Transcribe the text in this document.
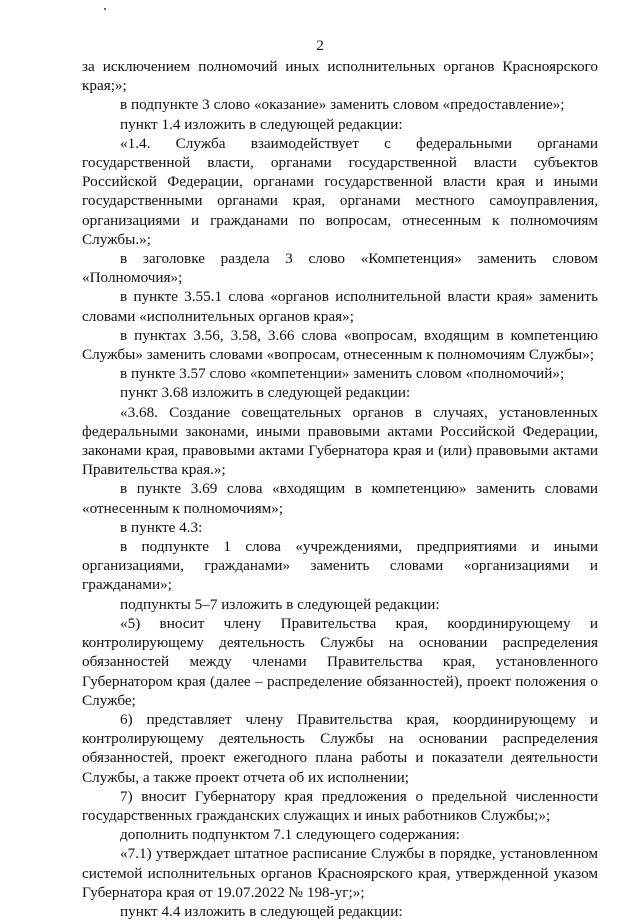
2

за исключением полномочий иных исполнительных органов Красноярского края;»;

в подпункте 3 слово «оказание» заменить словом «предоставление»;

пункт 1.4 изложить в следующей редакции:

«1.4. Служба взаимодействует с федеральными органами государственной власти, органами государственной власти субъектов Российской Федерации, органами государственной власти края и иными государственными органами края, органами местного самоуправления, организациями и гражданами по вопросам, отнесенным к полномочиям Службы.»;

в заголовке раздела 3 слово «Компетенция» заменить словом «Полномочия»;

в пункте 3.55.1 слова «органов исполнительной власти края» заменить словами «исполнительных органов края»;

в пунктах 3.56, 3.58, 3.66 слова «вопросам, входящим в компетенцию Службы» заменить словами «вопросам, отнесенным к полномочиям Службы»;

в пункте 3.57 слово «компетенции» заменить словом «полномочий»;

пункт 3.68 изложить в следующей редакции:

«3.68. Создание совещательных органов в случаях, установленных федеральными законами, иными правовыми актами Российской Федерации, законами края, правовыми актами Губернатора края и (или) правовыми актами Правительства края.»;

в пункте 3.69 слова «входящим в компетенцию» заменить словами «отнесенным к полномочиям»;

в пункте 4.3:

в подпункте 1 слова «учреждениями, предприятиями и иными организациями, гражданами» заменить словами «организациями и гражданами»;

подпункты 5–7 изложить в следующей редакции:

«5) вносит члену Правительства края, координирующему и контролирующему деятельность Службы на основании распределения обязанностей между членами Правительства края, установленного Губернатором края (далее – распределение обязанностей), проект положения о Службе;

6) представляет члену Правительства края, координирующему и контролирующему деятельность Службы на основании распределения обязанностей, проект ежегодного плана работы и показатели деятельности Службы, а также проект отчета об их исполнении;

7) вносит Губернатору края предложения о предельной численности государственных гражданских служащих и иных работников Службы;»;

дополнить подпунктом 7.1 следующего содержания:

«7.1) утверждает штатное расписание Службы в порядке, установленном системой исполнительных органов Красноярского края, утвержденной указом Губернатора края от 19.07.2022 № 198-уг;»;

пункт 4.4 изложить в следующей редакции:
